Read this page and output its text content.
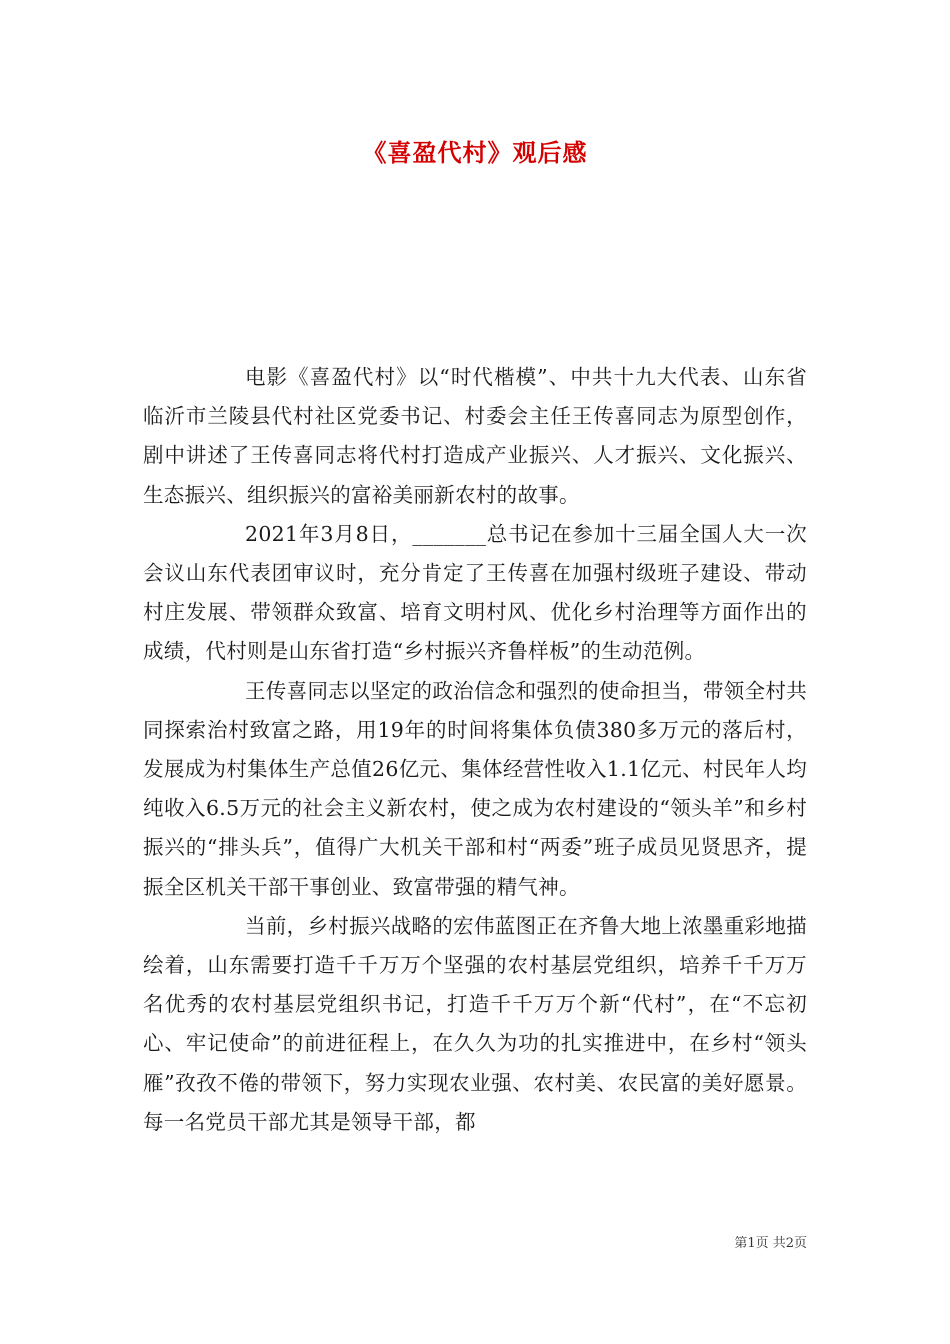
《喜盈代村》观后感

电影《喜盈代村》以“时代楷模”、中共十九大代表、山东省临沂市兰陵县代村社区党委书记、村委会主任王传喜同志为原型创作，剧中讲述了王传喜同志将代村打造成产业振兴、人才振兴、文化振兴、生态振兴、组织振兴的富裕美丽新农村的故事。

2021年3月8日，_______总书记在参加十三届全国人大一次会议山东代表团审议时，充分肯定了王传喜在加强村级班子建设、带动村庄发展、带领群众致富、培育文明村风、优化乡村治理等方面作出的成绩，代村则是山东省打造“乡村振兴齐鲁样板”的生动范例。

王传喜同志以坚定的政治信念和强烈的使命担当，带领全村共同探索治村致富之路，用19年的时间将集体负债380多万元的落后村，发展成为村集体生产总值26亿元、集体经营性收入1.1亿元、村民年人均纯收入6.5万元的社会主义新农村，使之成为农村建设的“领头羊”和乡村振兴的“排头兵”，值得广大机关干部和村“两委”班子成员见贤思齐，提振全区机关干部干事创业、致富带强的精气神。

当前，乡村振兴战略的宏伟蓝图正在齐鲁大地上浓墨重彩地描绘着，山东需要打造千千万万个坚强的农村基层党组织，培养千千万万名优秀的农村基层党组织书记，打造千千万万个新“代村”，在“不忘初心、牢记使命”的前进征程上，在久久为功的扎实推进中，在乡村“领头雁”孜孜不倦的带领下，努力实现农业强、农村美、农民富的美好愿景。每一名党员干部尤其是领导干部，都

第1页 共2页
